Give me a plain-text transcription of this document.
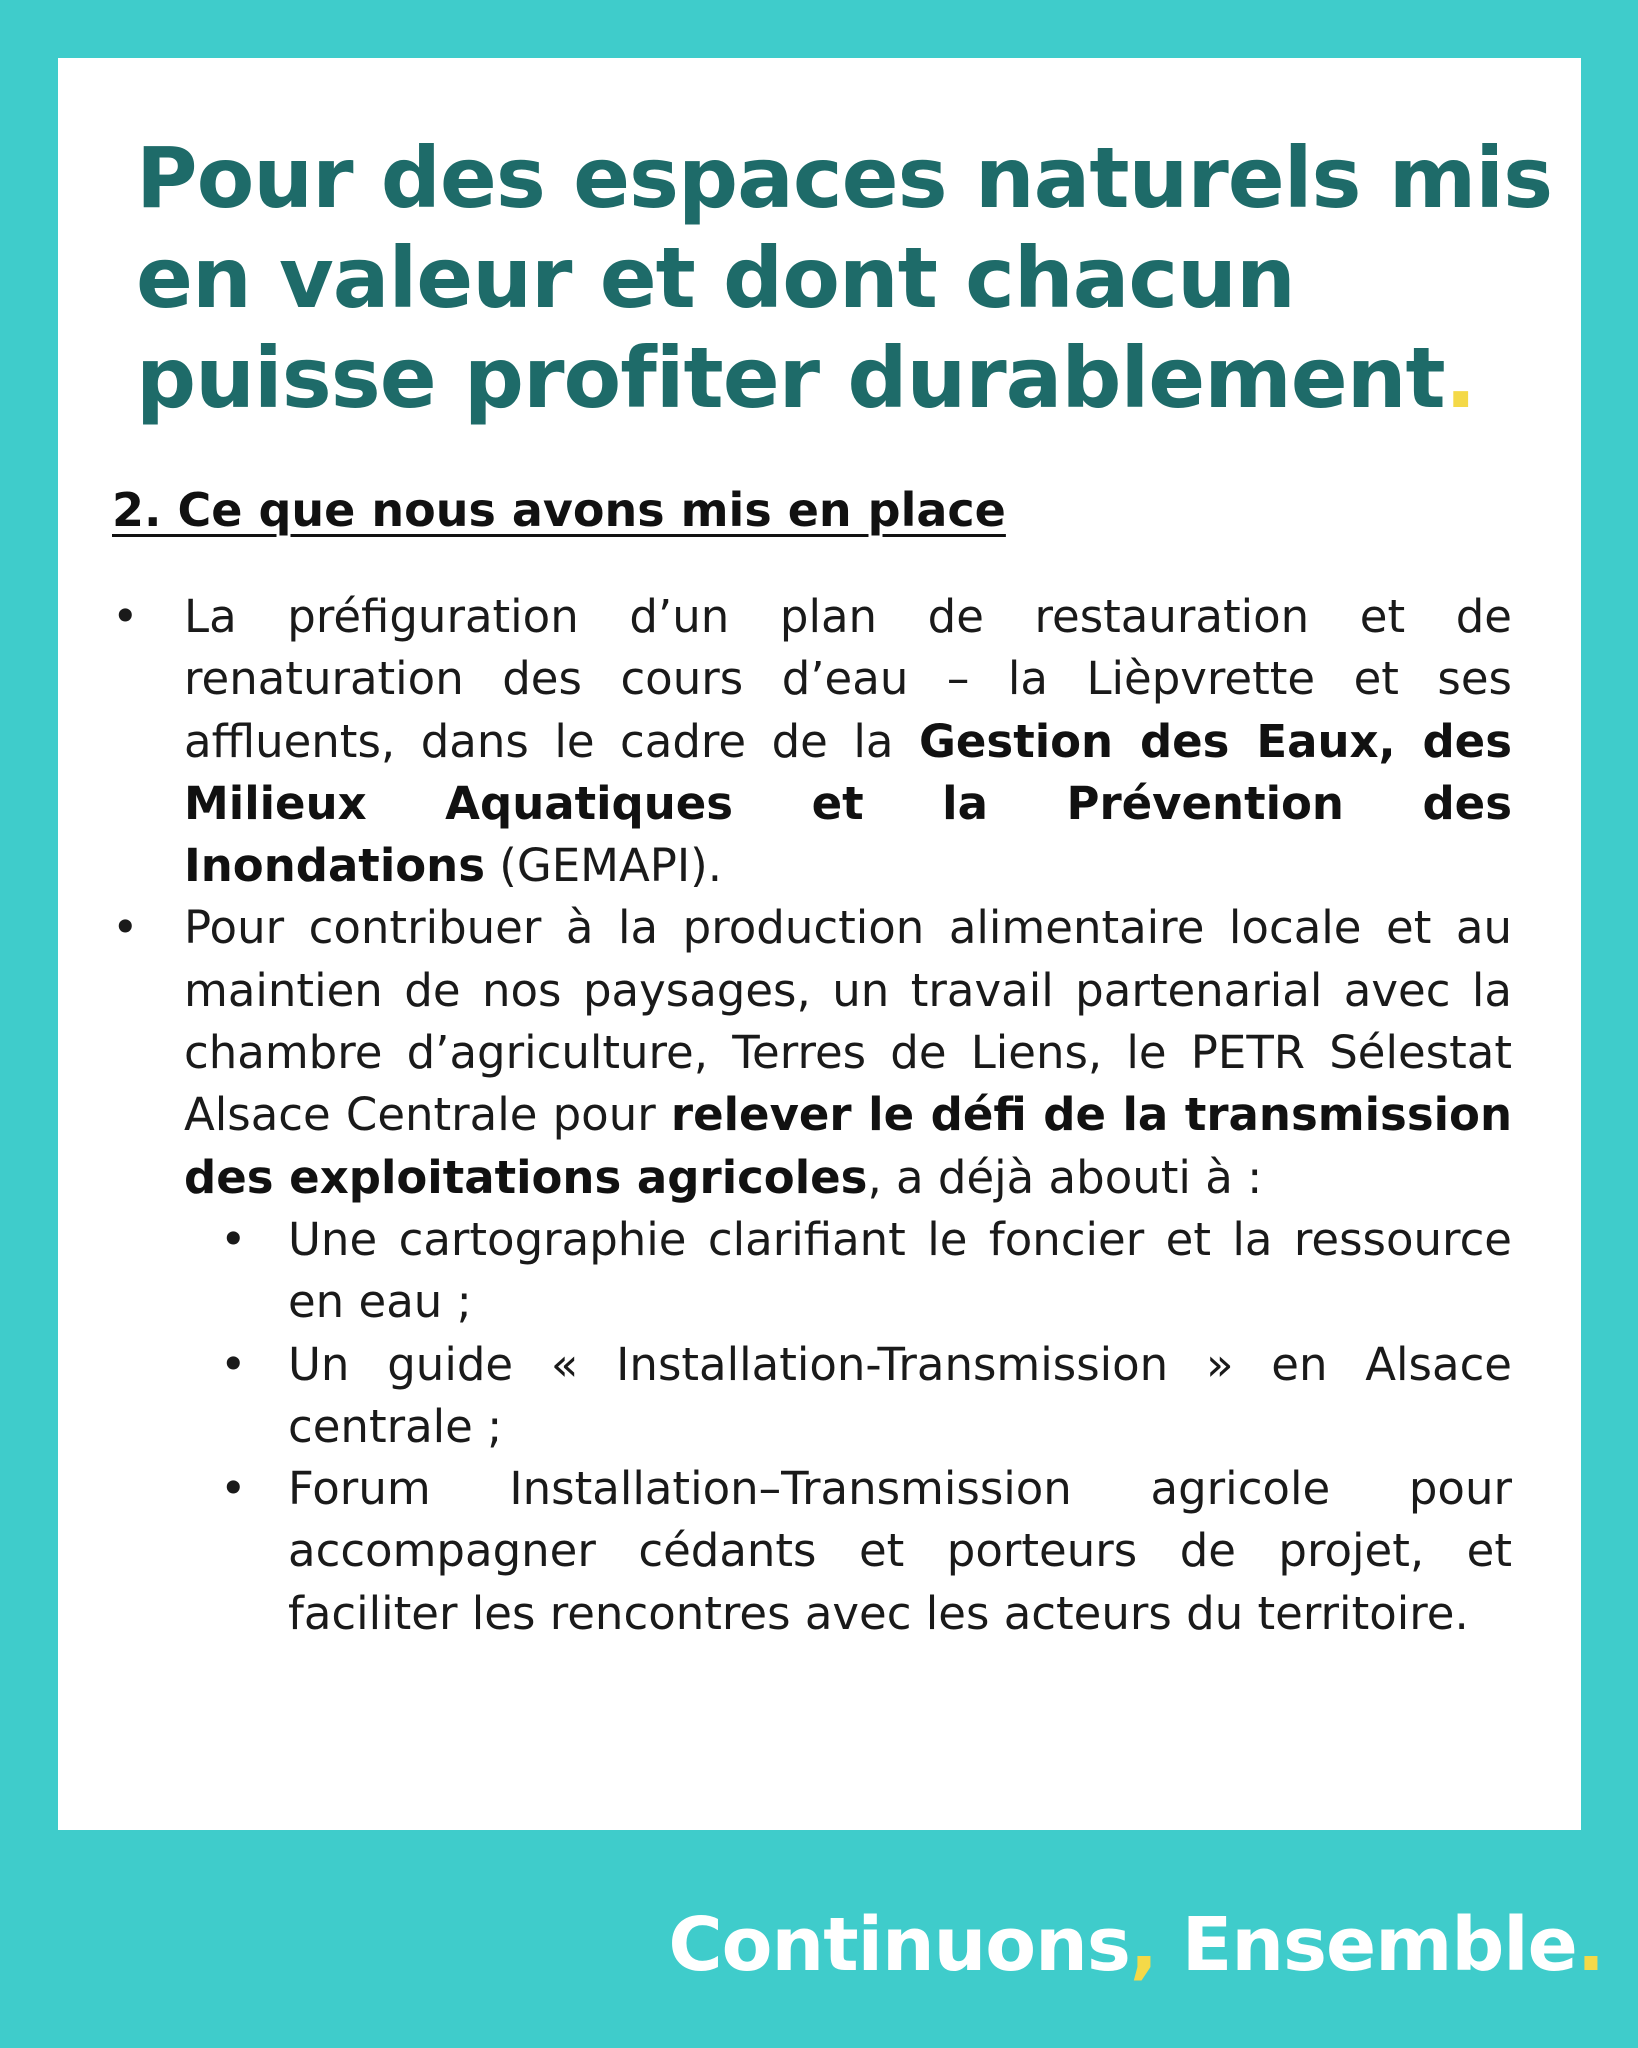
Pour des espaces naturels mis en valeur et dont chacun puisse profiter durablement.
2. Ce que nous avons mis en place
• La préfiguration d’un plan de restauration et de renaturation des cours d’eau – la Lièpvrette et ses affluents, dans le cadre de la Gestion des Eaux, des Milieux Aquatiques et la Prévention des Inondations (GEMAPI).
• Pour contribuer à la production alimentaire locale et au maintien de nos paysages, un travail partenarial avec la chambre d’agriculture, Terres de Liens, le PETR Sélestat Alsace Centrale pour relever le défi de la transmission des exploitations agricoles, a déjà abouti à :
• Une cartographie clarifiant le foncier et la ressource en eau ;
• Un guide « Installation-Transmission » en Alsace centrale ;
• Forum Installation–Transmission agricole pour accompagner cédants et porteurs de projet, et faciliter les rencontres avec les acteurs du territoire.
Continuons, Ensemble.
